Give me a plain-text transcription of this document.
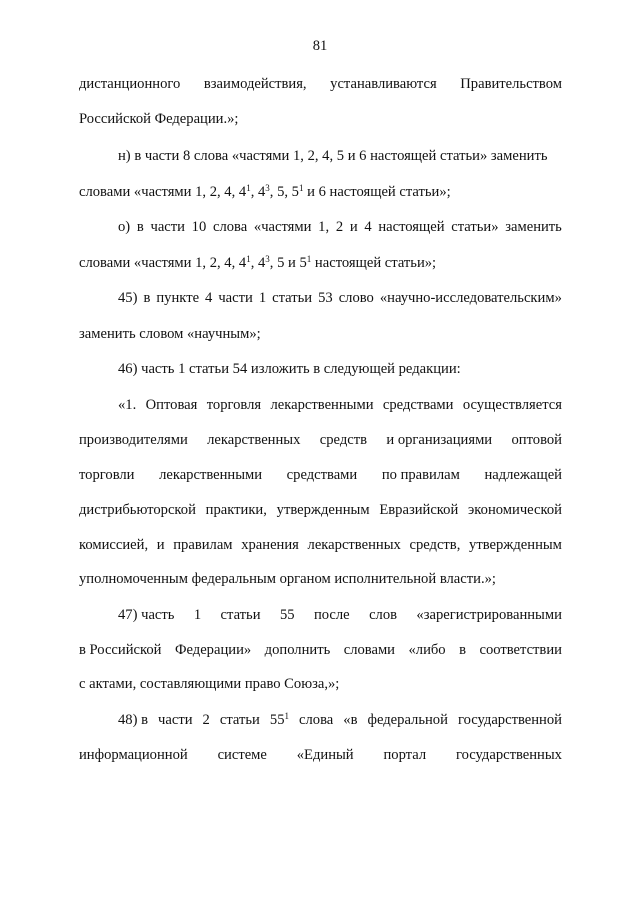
81
дистанционного взаимодействия, устанавливаются Правительством
Российской Федерации.»;
н) в части 8 слова «частями 1, 2, 4, 5 и 6 настоящей статьи» заменить
словами «частями 1, 2, 4, $4^1$, $4^3$, 5, $5^1$ и 6 настоящей статьи»;
о) в части 10 слова «частями 1, 2 и 4 настоящей статьи» заменить
словами «частями 1, 2, 4, $4^1$, $4^3$, 5 и $5^1$ настоящей статьи»;
45) в пункте 4 части 1 статьи 53 слово «научно-исследовательским»
заменить словом «научным»;
46) часть 1 статьи 54 изложить в следующей редакции:
«1. Оптовая торговля лекарственными средствами осуществляется
производителями лекарственных средств и организациями оптовой
торговли лекарственными средствами по правилам надлежащей
дистрибьюторской практики, утвержденным Евразийской экономической
комиссией, и правилам хранения лекарственных средств, утвержденным
уполномоченным федеральным органом исполнительной власти.»;
47) часть 1 статьи 55 после слов «зарегистрированными
в Российской Федерации» дополнить словами «либо в соответствии
с актами, составляющими право Союза,»;
48) в части 2 статьи $55^1$ слова «в федеральной государственной
информационной системе «Единый портал государственных
